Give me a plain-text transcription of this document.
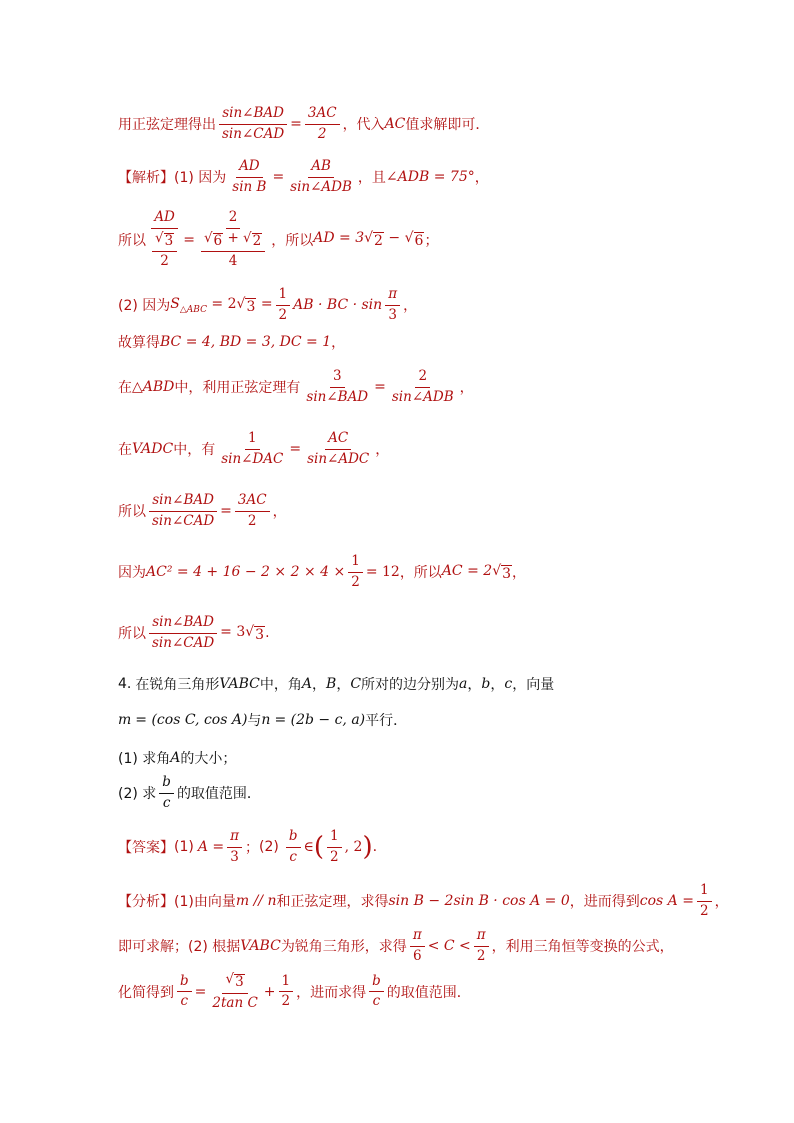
用正弦定理得出 $\frac{\text{sin∠BAD}}{\text{sin∠CAD}} = \frac{3AC}{2}$ ，代入 AC 值求解即可．
【解析】 (1) 因为 $\frac{AD}{\text{sin B}} = \frac{AB}{\text{sin∠ADB}}$ ，且 ∠ADB = 75° ，
所以 $\frac{AD}{\frac{√ 3}{2}} = \frac{2}{\frac{√ 6 + √ 2}{4}}$ ，所以 AD = 3 √ 2 − √ 6 ；
(2) 因为 $S_{\triangle ABC} = 2$ √ $3 = \frac{1}{2}$ AB · BC · $\sin \frac{\pi}{3}$ ，
故算得 BC = 4, BD = 3, DC = 1 ，
在 △ABD 中，利用正弦定理有 $\frac{3}{\text{sin∠BAD}} = \frac{2}{\text{sin∠ADB}}$ ，
在 VADC 中，有 $\frac{1}{\text{sin∠DAC}} = \frac{AC}{\text{sin∠ADC}}$ ，
所以 $\frac{\text{sin∠BAD}}{\text{sin∠CAD}} = \frac{3AC}{2}$ ，
因为 $AC^2 = 4 + 16 - 2 \times 2 \times 4 \times \frac{1}{2} = 12$ ，所以 AC = 2 √ 3 ，
所以 $\frac{\text{sin∠BAD}}{\text{sin∠CAD}} = 3$ √ 3 .
4. 在锐角三角形 VABC 中，角 A ， B ， C 所对的边分别为 a ， b ， c ，向量
m = (cos C, cos A) 与 n = (2b − c, a) 平行．
(1) 求角 A 的大小；
(2) 求 $\frac{b}{c}$ 的取值范围．
【答案】 (1) $A = \frac{\pi}{3}$ ； $(2) \frac{b}{c}$ ∈ ( $\frac{1}{2}$ , 2 ) .
【分析】 (1)由向量 m // n 和正弦定理，求得 sin B − 2sin B · cos A = 0 ，进而得到 $\cos A = \frac{1}{2}$ ，
即可求解；(2) 根据 VABC 为锐角三角形，求得 $\frac{\pi}{6} < C < \frac{\pi}{2}$ ，利用三角恒等变换的公式，
化简得到 $\frac{b}{c} = \frac{√ 3}{\text{2tan C}} + \frac{1}{2}$ ，进而求得 $\frac{b}{c}$ 的取值范围．
